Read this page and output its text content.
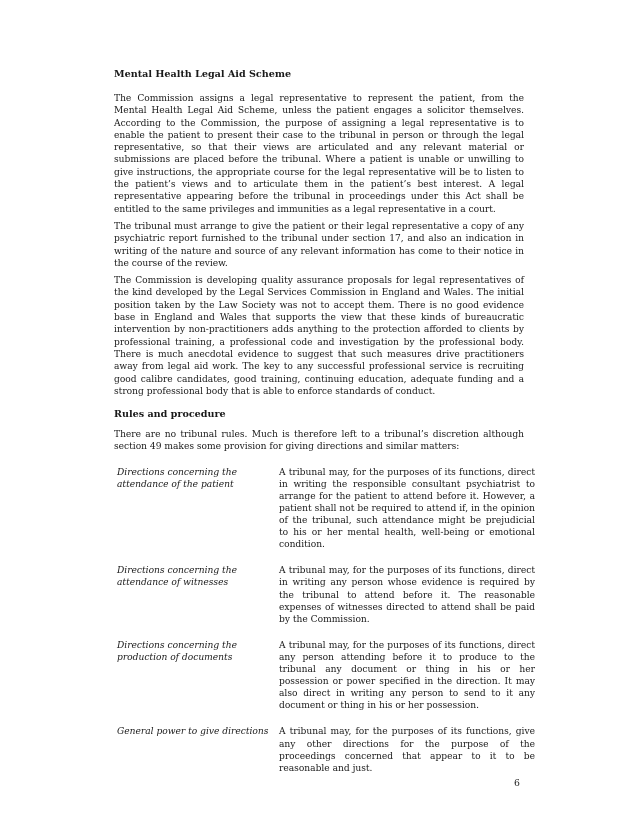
Mental Health Legal Aid Scheme

The Commission assigns a legal representative to represent the patient, from the Mental Health Legal Aid Scheme, unless the patient engages a solicitor themselves. According to the Commission, the purpose of assigning a legal representative is to enable the patient to present their case to the tribunal in person or through the legal representative, so that their views are articulated and any relevant material or submissions are placed before the tribunal. Where a patient is unable or unwilling to give instructions, the appropriate course for the legal representative will be to listen to the patient’s views and to articulate them in the patient’s best interest. A legal representative appearing before the tribunal in proceedings under this Act shall be entitled to the same privileges and immunities as a legal representative in a court.

The tribunal must arrange to give the patient or their legal representative a copy of any psychiatric report furnished to the tribunal under section 17, and also an indication in writing of the nature and source of any relevant information has come to their notice in the course of the review.

The Commission is developing quality assurance proposals for legal representatives of the kind developed by the Legal Services Commission in England and Wales. The initial position taken by the Law Society was not to accept them. There is no good evidence base in England and Wales that supports the view that these kinds of bureaucratic intervention by non-practitioners adds anything to the protection afforded to clients by professional training, a professional code and investigation by the professional body. There is much anecdotal evidence to suggest that such measures drive practitioners away from legal aid work. The key to any successful professional service is recruiting good calibre candidates, good training, continuing education, adequate funding and a strong professional body that is able to enforce standards of conduct.

Rules and procedure

There are no tribunal rules. Much is therefore left to a tribunal’s discretion although section 49 makes some provision for giving directions and similar matters:

Directions concerning the attendance of the patient	A tribunal may, for the purposes of its functions, direct in writing the responsible consultant psychiatrist to arrange for the patient to attend before it. However, a patient shall not be required to attend if, in the opinion of the tribunal, such attendance might be prejudicial to his or her mental health, well-being or emotional condition.
Directions concerning the attendance of witnesses	A tribunal may, for the purposes of its functions, direct in writing any person whose evidence is required by the tribunal to attend before it. The reasonable expenses of witnesses directed to attend shall be paid by the Commission.
Directions concerning the production of documents	A tribunal may, for the purposes of its functions, direct any person attending before it to produce to the tribunal any document or thing in his or her possession or power specified in the direction. It may also direct in writing any person to send to it any document or thing in his or her possession.
General power to give directions	A tribunal may, for the purposes of its functions, give any other directions for the purpose of the proceedings concerned that appear to it to be reasonable and just.
6
